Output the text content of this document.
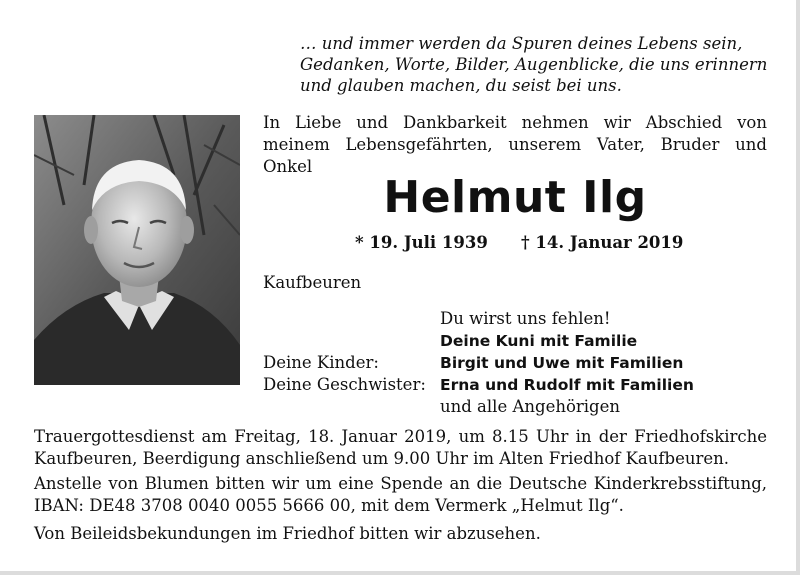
… und immer werden da Spuren deines Lebens sein,
Gedanken, Worte, Bilder, Augenblicke, die uns erinnern
und glauben machen, du seist bei uns.
In Liebe und Dankbarkeit nehmen wir Abschied von
meinem Lebensgefährten, unserem Vater, Bruder und Onkel
Helmut Ilg
* 19. Juli 1939 † 14. Januar 2019
Kaufbeuren
Du wirst uns fehlen!
Deine Kuni mit Familie
Deine Kinder:	Birgit und Uwe mit Familien
Deine Geschwister: Erna und Rudolf mit Familien
und alle Angehörigen
Trauergottesdienst am Freitag, 18. Januar 2019, um 8.15 Uhr in der Friedhofskirche
Kaufbeuren, Beerdigung anschließend um 9.00 Uhr im Alten Friedhof Kaufbeuren.
Anstelle von Blumen bitten wir um eine Spende an die Deutsche Kinderkrebsstiftung,
IBAN: DE48 3708 0040 0055 5666 00, mit dem Vermerk „Helmut Ilg“.
Von Beileidsbekundungen im Friedhof bitten wir abzusehen.
